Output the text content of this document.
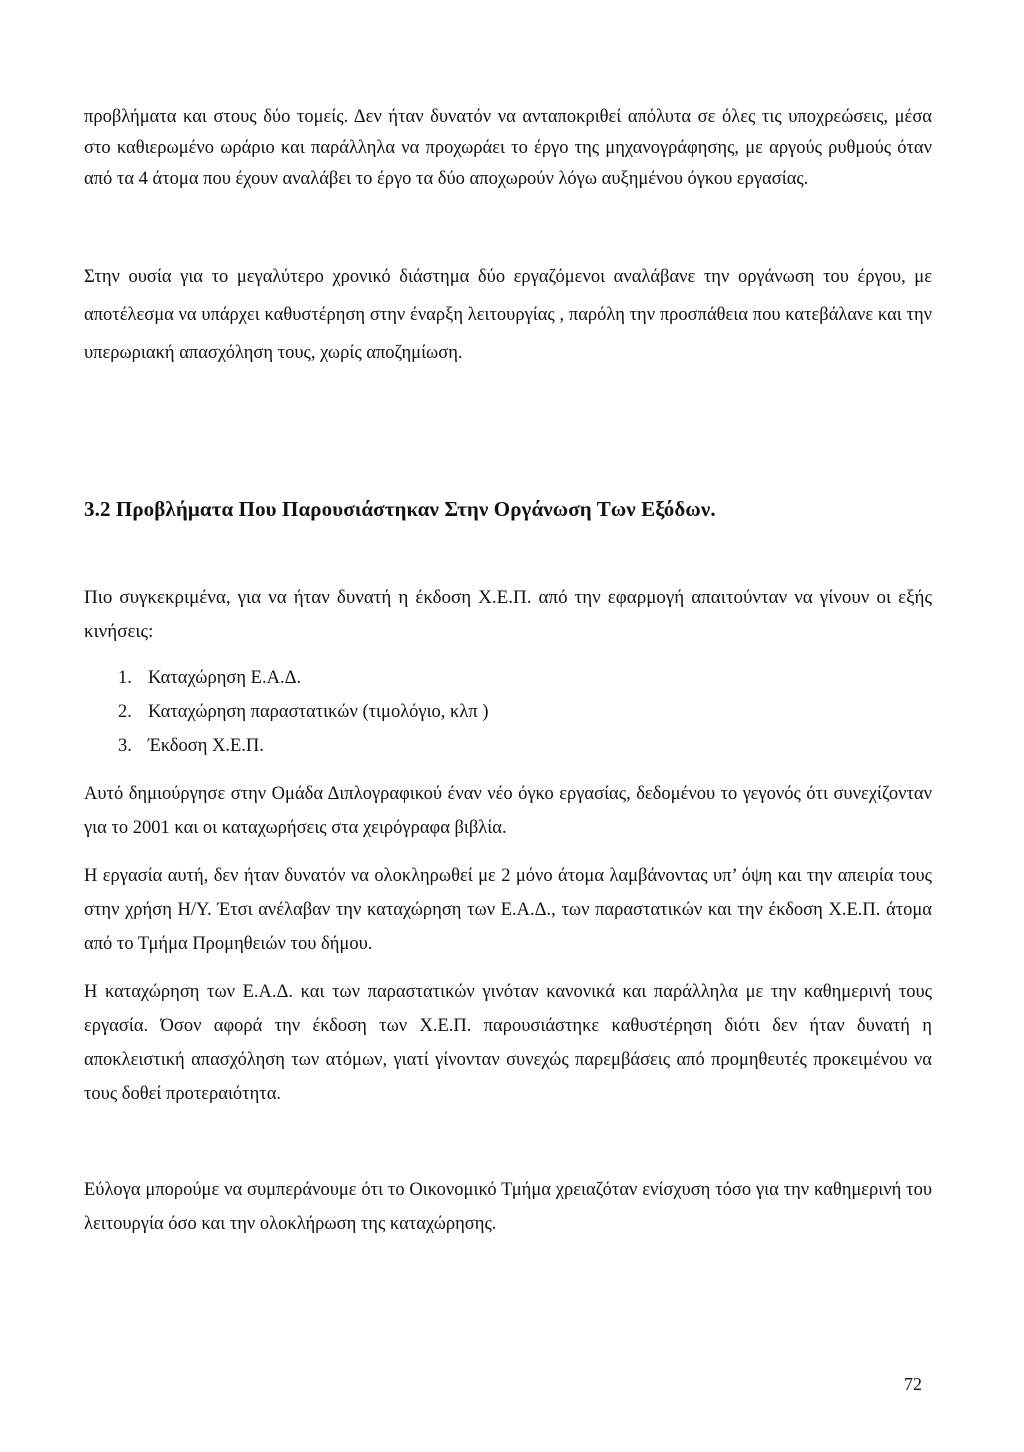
προβλήματα και στους δύο τομείς. Δεν ήταν δυνατόν να ανταποκριθεί απόλυτα σε όλες τις υποχρεώσεις, μέσα στο καθιερωμένο ωράριο και παράλληλα να προχωράει το έργο της μηχανογράφησης, με αργούς ρυθμούς όταν από τα 4 άτομα που έχουν αναλάβει το έργο τα δύο αποχωρούν λόγω αυξημένου όγκου εργασίας.

Στην ουσία για το μεγαλύτερο χρονικό διάστημα δύο εργαζόμενοι αναλάβανε την οργάνωση του έργου, με αποτέλεσμα να υπάρχει καθυστέρηση στην έναρξη λειτουργίας , παρόλη την προσπάθεια που κατεβάλανε και την υπερωριακή απασχόληση τους, χωρίς αποζημίωση.

3.2 Προβλήματα Που Παρουσιάστηκαν Στην Οργάνωση Των Εξόδων.

Πιο συγκεκριμένα, για να ήταν δυνατή η έκδοση Χ.Ε.Π. από την εφαρμογή απαιτούνταν να γίνουν οι εξής κινήσεις:

1. Καταχώρηση Ε.Α.Δ.
2. Καταχώρηση παραστατικών (τιμολόγιο, κλπ )
3. Έκδοση Χ.Ε.Π.

Αυτό δημιούργησε στην Ομάδα Διπλογραφικού έναν νέο όγκο εργασίας, δεδομένου το γεγονός ότι συνεχίζονταν για το 2001 και οι καταχωρήσεις στα χειρόγραφα βιβλία.

Η εργασία αυτή, δεν ήταν δυνατόν να ολοκληρωθεί με 2 μόνο άτομα λαμβάνοντας υπ’ όψη και την απειρία τους στην χρήση Η/Υ. Έτσι ανέλαβαν την καταχώρηση των Ε.Α.Δ., των παραστατικών και την έκδοση Χ.Ε.Π. άτομα από το Τμήμα Προμηθειών του δήμου.

Η καταχώρηση των Ε.Α.Δ. και των παραστατικών γινόταν κανονικά και παράλληλα με την καθημερινή τους εργασία. Όσον αφορά την έκδοση των Χ.Ε.Π. παρουσιάστηκε καθυστέρηση διότι δεν ήταν δυνατή η αποκλειστική απασχόληση των ατόμων, γιατί γίνονταν συνεχώς παρεμβάσεις από προμηθευτές προκειμένου να τους δοθεί προτεραιότητα.

Εύλογα μπορούμε να συμπεράνουμε ότι το Οικονομικό Τμήμα χρειαζόταν ενίσχυση τόσο για την καθημερινή του λειτουργία όσο και την ολοκλήρωση της καταχώρησης.

72
